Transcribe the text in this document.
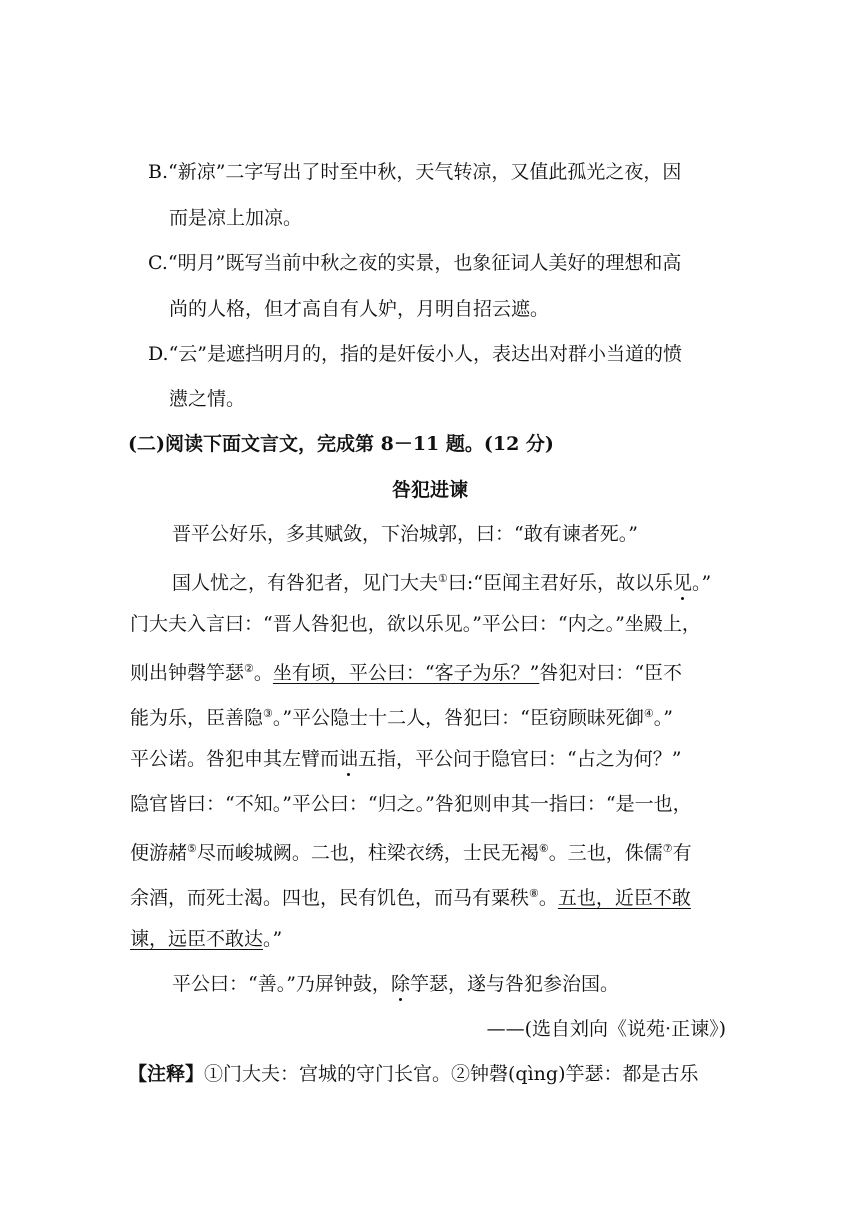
B.“新凉”二字写出了时至中秋，天气转凉，又值此孤光之夜，因
而是凉上加凉。
C.“明月”既写当前中秋之夜的实景，也象征词人美好的理想和高
尚的人格，但才高自有人妒，月明自招云遮。
D.“云”是遮挡明月的，指的是奸佞小人，表达出对群小当道的愤
懑之情。
(二)阅读下面文言文，完成第 8－11 题。(12 分)
咎犯进谏
晋平公好乐，多其赋敛，下治城郭，曰：“敢有谏者死。”
国人忧之，有咎犯者，见门大夫①曰:“臣闻主君好乐，故以乐见。”
门大夫入言曰：“晋人咎犯也，欲以乐见。”平公曰：“内之。”坐殿上，
则出钟磬竽瑟②。坐有顷，平公曰：“客子为乐？”咎犯对曰：“臣不
能为乐，臣善隐③。”平公隐士十二人，咎犯曰：“臣窃顾昧死御④。”
平公诺。咎犯申其左臂而诎五指，平公问于隐官曰：“占之为何？”
隐官皆曰：“不知。”平公曰：“归之。”咎犯则申其一指曰：“是一也，
便游赭⑤尽而峻城阙。二也，柱梁衣绣，士民无褐⑥。三也，侏儒⑦有
余酒，而死士渴。四也，民有饥色，而马有粟秩⑧。五也，近臣不敢
谏，远臣不敢达。”
平公曰：“善。”乃屏钟鼓，除竽瑟，遂与咎犯参治国。
——(选自刘向《说苑·正谏》)
【注释】①门大夫：宫城的守门长官。②钟磬(qìng)竽瑟：都是古乐
